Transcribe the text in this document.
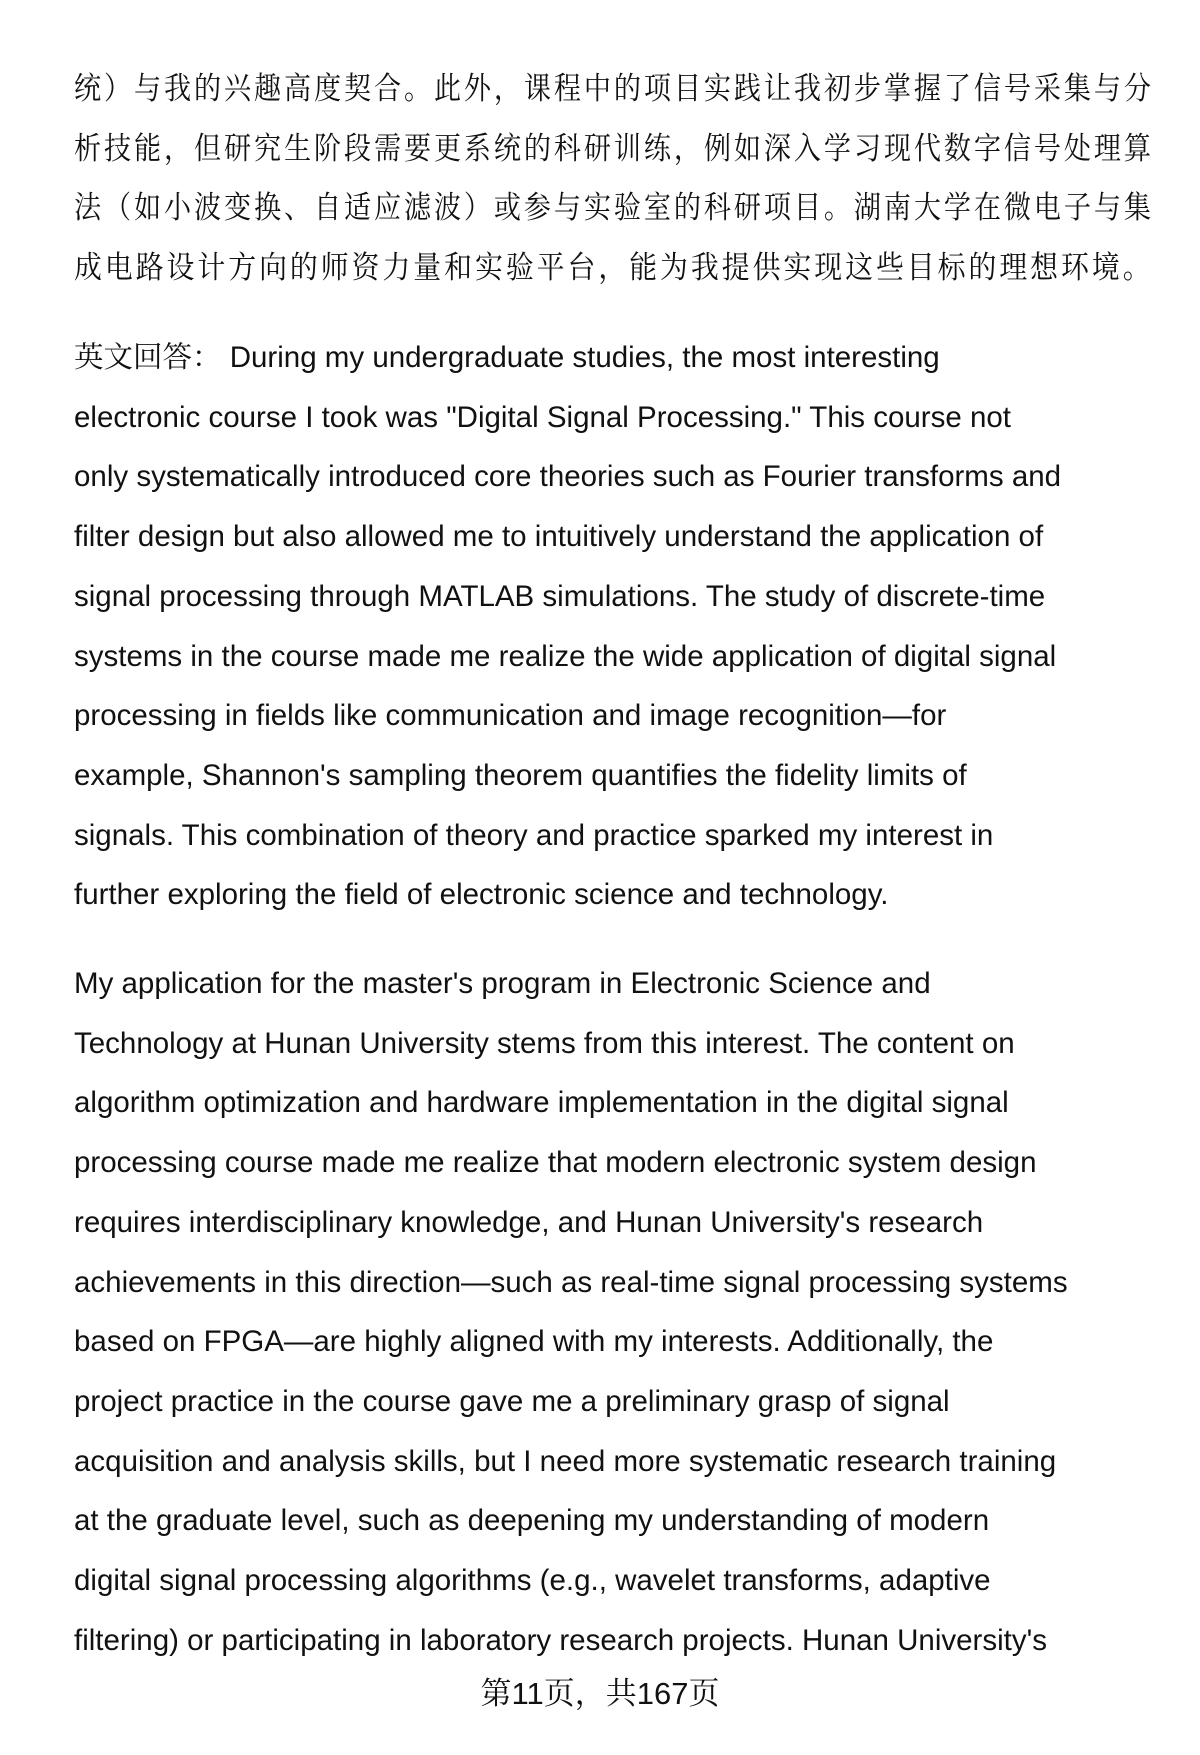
统）与我的兴趣高度契合。此外，课程中的项目实践让我初步掌握了信号采集与分
析技能，但研究生阶段需要更系统的科研训练，例如深入学习现代数字信号处理算
法（如小波变换、自适应滤波）或参与实验室的科研项目。湖南大学在微电子与集
成电路设计方向的师资力量和实验平台，能为我提供实现这些目标的理想环境。
英文回答： During my undergraduate studies, the most interesting
electronic course I took was "Digital Signal Processing." This course not
only systematically introduced core theories such as Fourier transforms and
filter design but also allowed me to intuitively understand the application of
signal processing through MATLAB simulations. The study of discrete-time
systems in the course made me realize the wide application of digital signal
processing in fields like communication and image recognition—for
example, Shannon's sampling theorem quantifies the fidelity limits of
signals. This combination of theory and practice sparked my interest in
further exploring the field of electronic science and technology.
My application for the master's program in Electronic Science and
Technology at Hunan University stems from this interest. The content on
algorithm optimization and hardware implementation in the digital signal
processing course made me realize that modern electronic system design
requires interdisciplinary knowledge, and Hunan University's research
achievements in this direction—such as real-time signal processing systems
based on FPGA—are highly aligned with my interests. Additionally, the
project practice in the course gave me a preliminary grasp of signal
acquisition and analysis skills, but I need more systematic research training
at the graduate level, such as deepening my understanding of modern
digital signal processing algorithms (e.g., wavelet transforms, adaptive
filtering) or participating in laboratory research projects. Hunan University's
第11页，共167页
